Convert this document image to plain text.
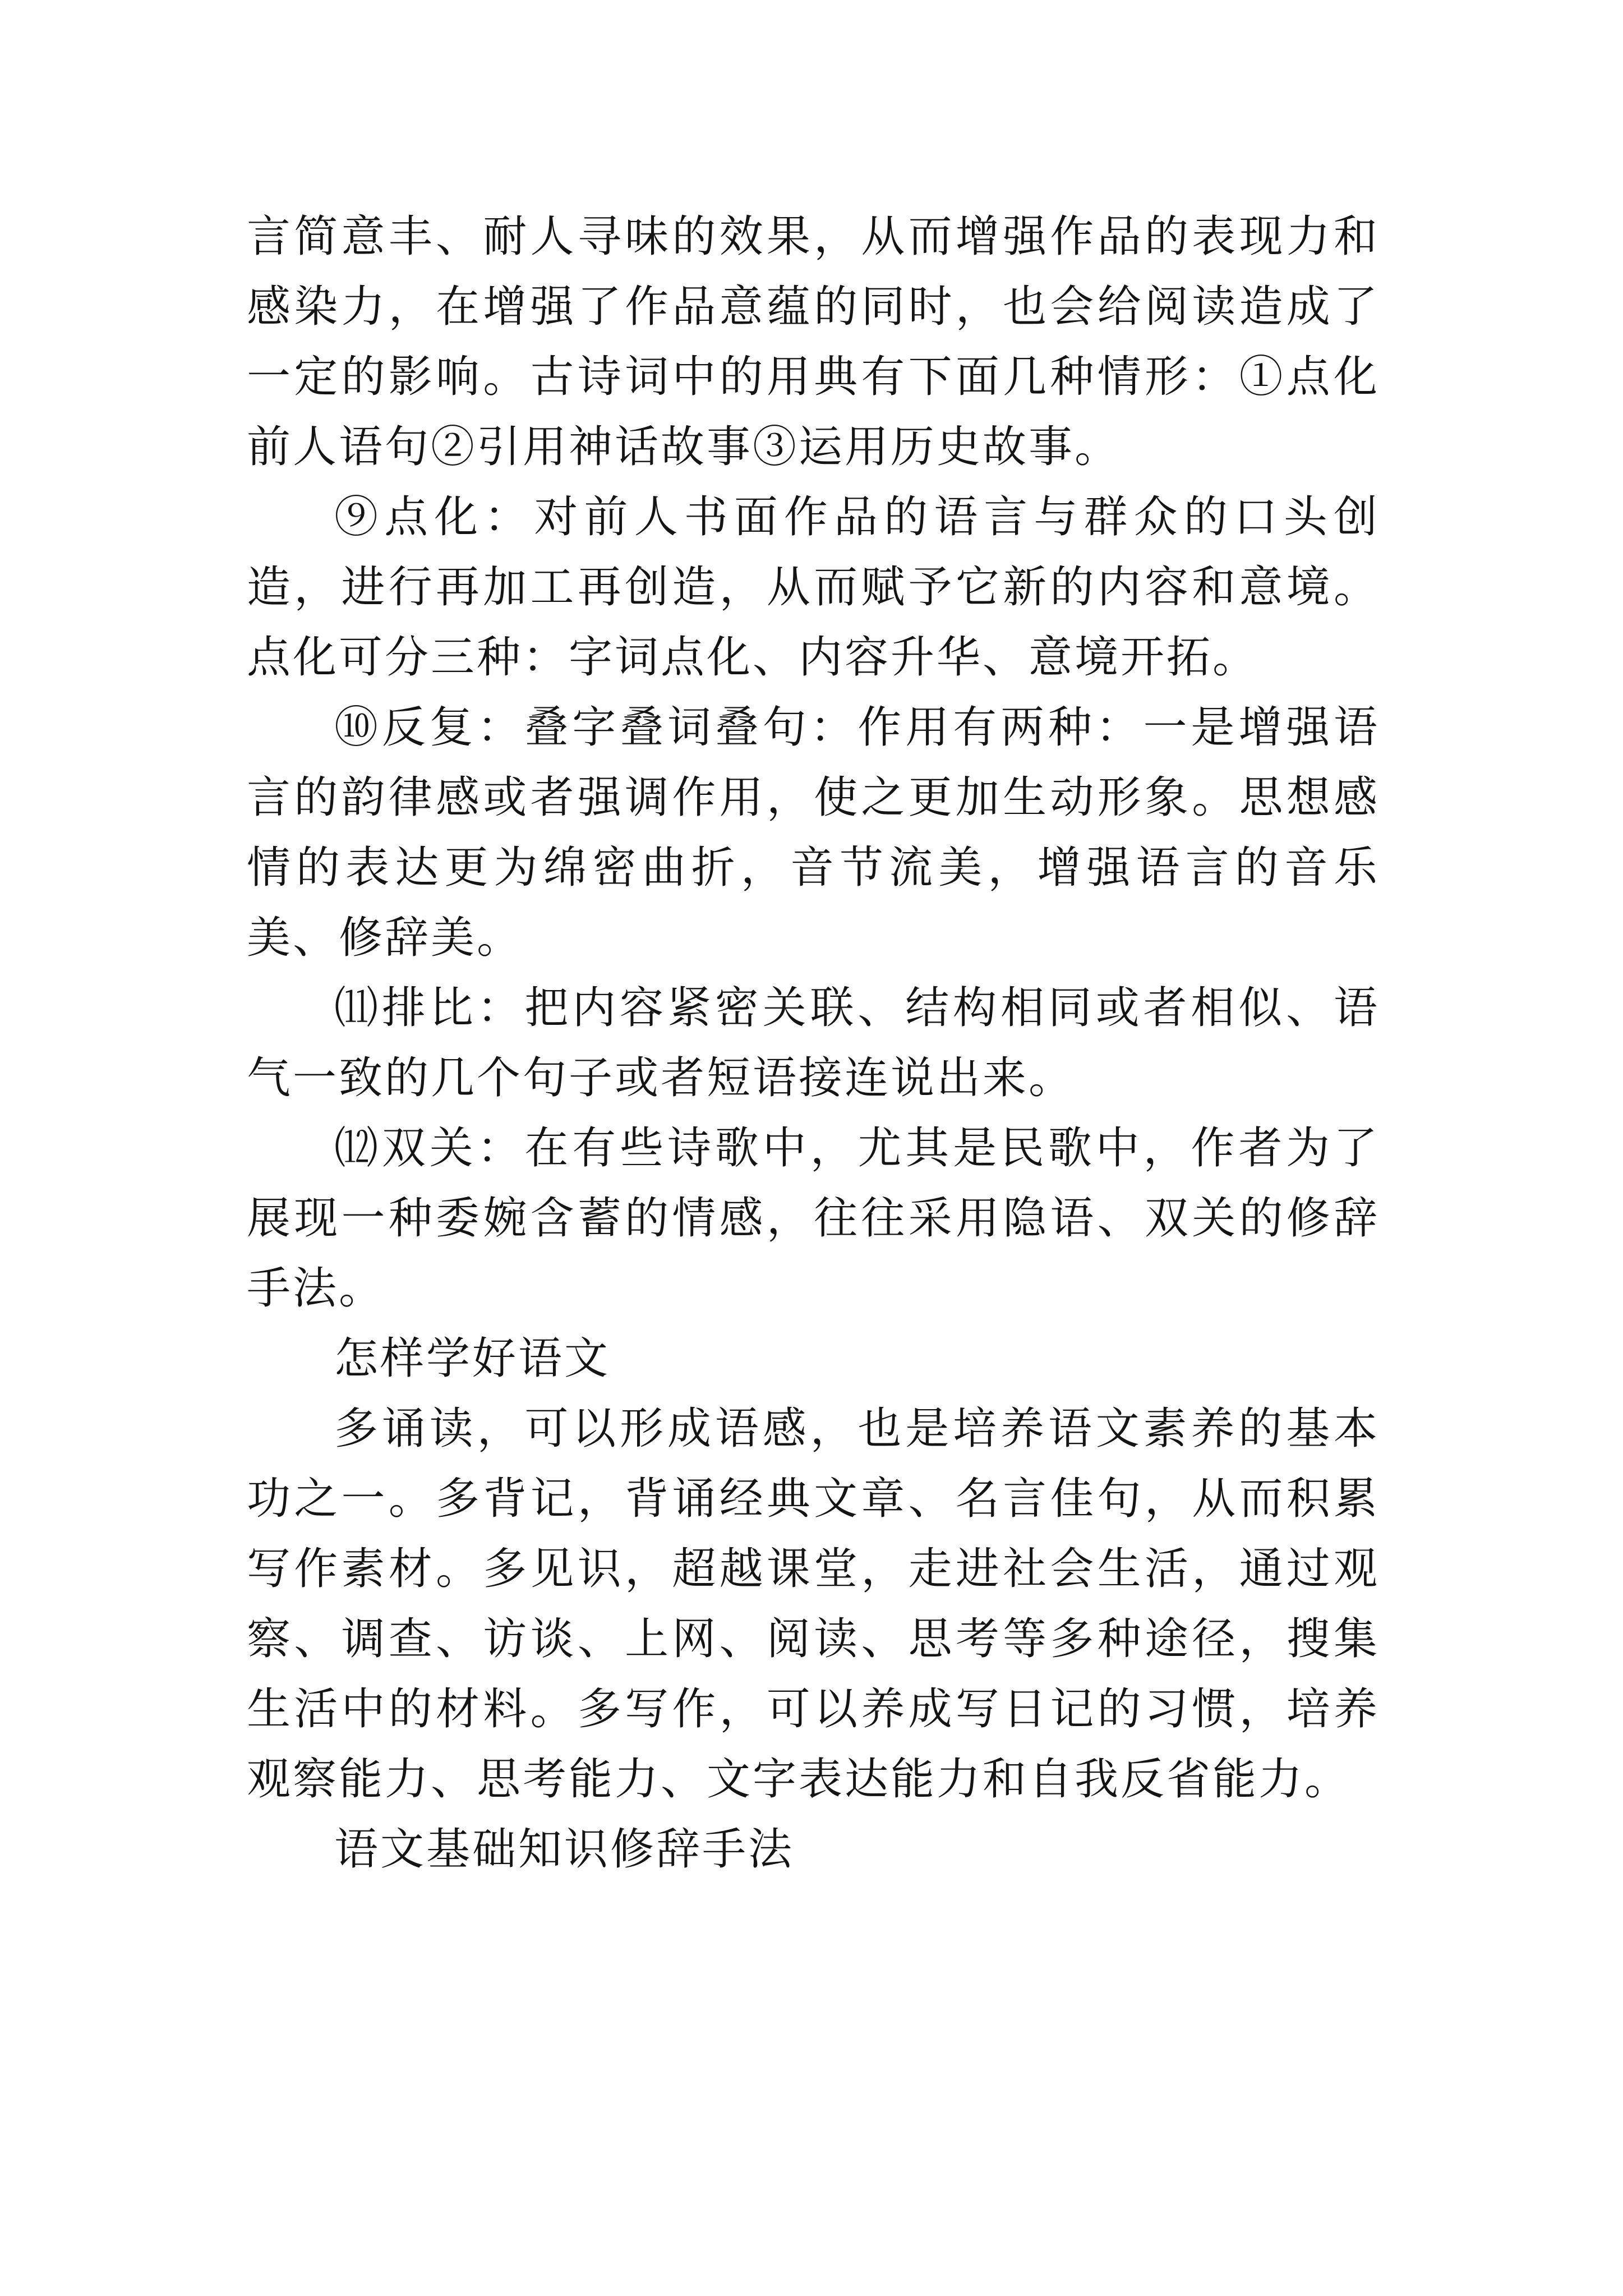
言简意丰、耐人寻味的效果，从而增强作品的表现力和感染力，在增强了作品意蕴的同时，也会给阅读造成了一定的影响。古诗词中的用典有下面几种情形：①点化前人语句②引用神话故事③运用历史故事。

⑨点化：对前人书面作品的语言与群众的口头创造，进行再加工再创造，从而赋予它新的内容和意境。点化可分三种：字词点化、内容升华、意境开拓。

⑩反复：叠字叠词叠句：作用有两种：一是增强语言的韵律感或者强调作用，使之更加生动形象。思想感情的表达更为绵密曲折，音节流美，增强语言的音乐美、修辞美。

⑾排比：把内容紧密关联、结构相同或者相似、语气一致的几个句子或者短语接连说出来。

⑿双关：在有些诗歌中，尤其是民歌中，作者为了展现一种委婉含蓄的情感，往往采用隐语、双关的修辞手法。

怎样学好语文

多诵读，可以形成语感，也是培养语文素养的基本功之一。多背记，背诵经典文章、名言佳句，从而积累写作素材。多见识，超越课堂，走进社会生活，通过观察、调查、访谈、上网、阅读、思考等多种途径，搜集生活中的材料。多写作，可以养成写日记的习惯，培养观察能力、思考能力、文字表达能力和自我反省能力。

语文基础知识修辞手法
